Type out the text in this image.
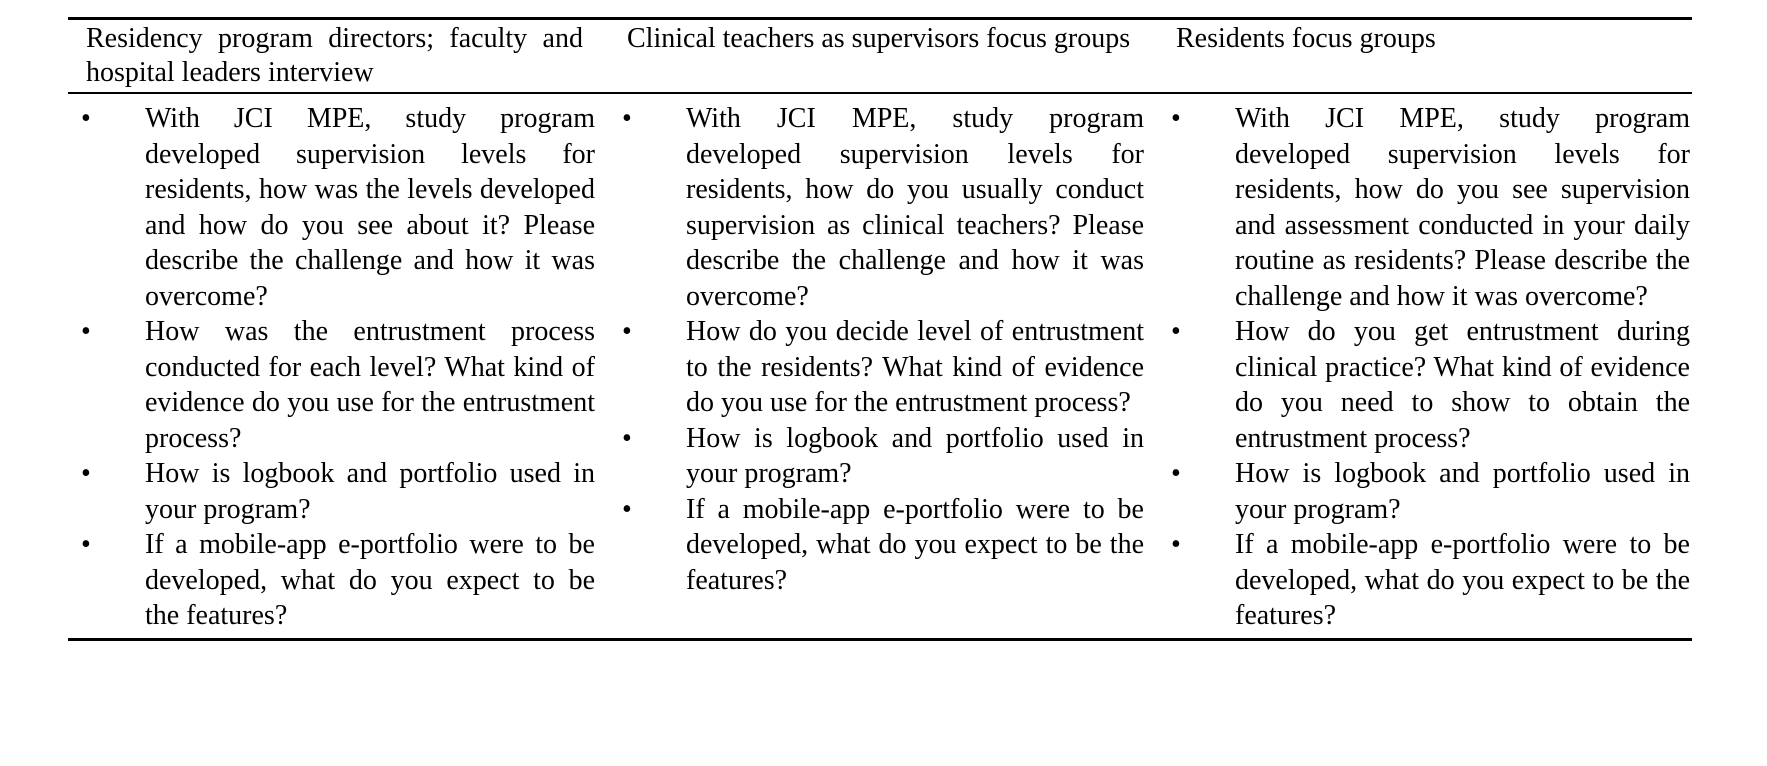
Residency program directors; faculty and hospital leaders interview
Clinical teachers as supervisors focus groups	Residents focus groups
• With JCI MPE, study program developed supervision levels for residents, how was the levels developed and how do you see about it? Please describe the challenge and how it was overcome?
• How was the entrustment process conducted for each level? What kind of evidence do you use for the entrustment process?
• How is logbook and portfolio used in your program?
• If a mobile-app e-portfolio were to be developed, what do you expect to be the features?
• With JCI MPE, study program developed supervision levels for residents, how do you usually conduct supervision as clinical teachers? Please describe the challenge and how it was overcome?
• How do you decide level of entrustment to the residents? What kind of evidence do you use for the entrustment process?
• How is logbook and portfolio used in your program?
• If a mobile-app e-portfolio were to be developed, what do you expect to be the features?
• With JCI MPE, study program developed supervision levels for residents, how do you see supervision and assessment conducted in your daily routine as residents? Please describe the challenge and how it was overcome?
• How do you get entrustment during clinical practice? What kind of evidence do you need to show to obtain the entrustment process?
• How is logbook and portfolio used in your program?
• If a mobile-app e-portfolio were to be developed, what do you expect to be the features?
